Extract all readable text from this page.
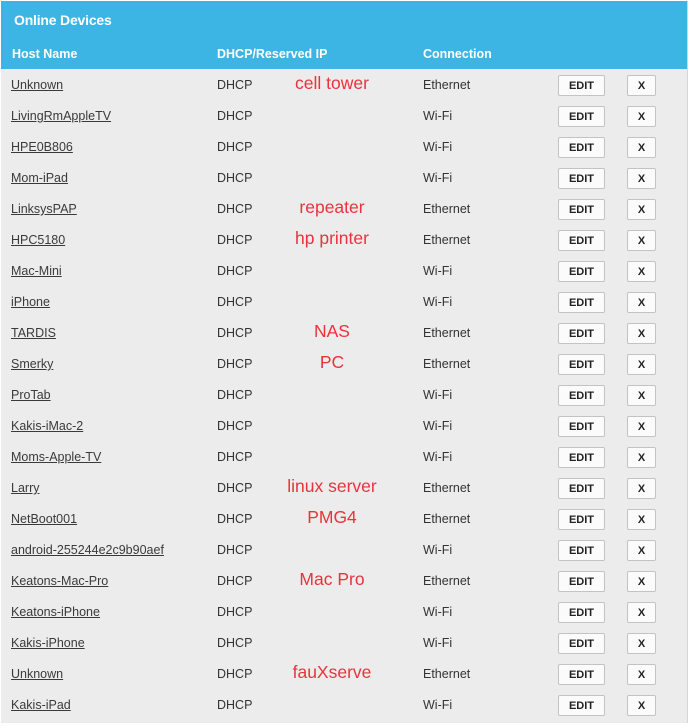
Online Devices
Host Name	DHCP/Reserved IP	Connection
Unknown	DHCP	cell tower	Ethernet	EDIT	X
LivingRmAppleTV	DHCP	Wi-Fi	EDIT	X
HPE0B806	DHCP	Wi-Fi	EDIT	X
Mom-iPad	DHCP	Wi-Fi	EDIT	X
LinksysPAP	DHCP	repeater	Ethernet	EDIT	X
HPC5180	DHCP	hp printer	Ethernet	EDIT	X
Mac-Mini	DHCP	Wi-Fi	EDIT	X
iPhone	DHCP	Wi-Fi	EDIT	X
TARDIS	DHCP	NAS	Ethernet	EDIT	X
Smerky	DHCP	PC	Ethernet	EDIT	X
ProTab	DHCP	Wi-Fi	EDIT	X
Kakis-iMac-2	DHCP	Wi-Fi	EDIT	X
Moms-Apple-TV	DHCP	Wi-Fi	EDIT	X
Larry	DHCP	linux server	Ethernet	EDIT	X
NetBoot001	DHCP	PMG4	Ethernet	EDIT	X
android-255244e2c9b90aef	DHCP	Wi-Fi	EDIT	X
Keatons-Mac-Pro	DHCP	Mac Pro	Ethernet	EDIT	X
Keatons-iPhone	DHCP	Wi-Fi	EDIT	X
Kakis-iPhone	DHCP	Wi-Fi	EDIT	X
Unknown	DHCP	fauXserve	Ethernet	EDIT	X
Kakis-iPad	DHCP	Wi-Fi	EDIT	X
